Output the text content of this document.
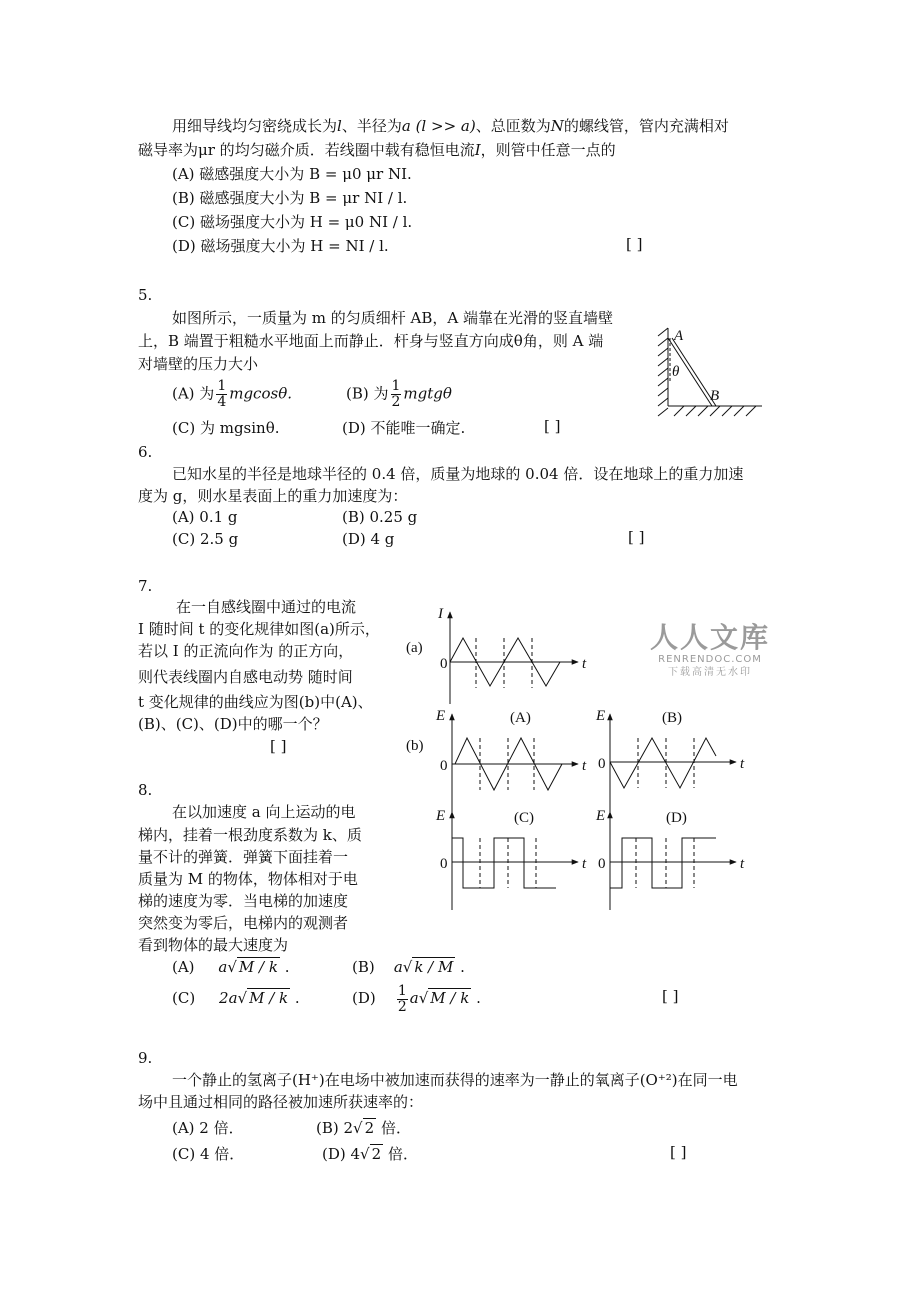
用细导线均匀密绕成长为l、半径为a (l >> a)、总匝数为N的螺线管，管内充满相对
磁导率为μr 的均匀磁介质．若线圈中载有稳恒电流I，则管中任意一点的
(A) 磁感强度大小为 B = μ0 μr NI.
(B) 磁感强度大小为 B = μr NI / l.
(C) 磁场强度大小为 H = μ0 NI / l.
(D) 磁场强度大小为 H = NI / l.	[ ]
5.
如图所示，一质量为 m 的匀质细杆 AB，A 端靠在光滑的竖直墙壁
上，B 端置于粗糙水平地面上而静止．杆身与竖直方向成θ角，则 A 端
对墙壁的压力大小
(A) 为 $\frac{1}{4} mgcos\theta$.	(B) 为 $\frac{1}{2}$ mgtgθ
(C) 为 mgsinθ.	(D) 不能唯一确定.	[ ]
A
θ
B
6.
已知水星的半径是地球半径的 0.4 倍，质量为地球的 0.04 倍．设在地球上的重力加速
度为 g，则水星表面上的重力加速度为：
(A) 0.1 g	(B) 0.25 g
(C) 2.5 g	(D) 4 g	[ ]
7.
在一自感线圈中通过的电流
I 随时间 t 的变化规律如图(a)所示，
若以 I 的正流向作为 的正方向，
则代表线圈内自感电动势 随时间
t 变化规律的曲线应为图(b)中(A)、
(B)、(C)、(D)中的哪一个？
[ ]
(a)
I
0	t
(b)
(A)	(B)
(C)	(D)
E
0	t
E
0	t
E
0	t
E
0	t
人人文库
RENRENDOC.COM
下载高清无水印
8.
在以加速度 a 向上运动的电
梯内，挂着一根劲度系数为 k、质
量不计的弹簧．弹簧下面挂着一
质量为 M 的物体，物体相对于电
梯的速度为零．当电梯的加速度
突然变为零后，电梯内的观测者
看到物体的最大速度为
(A) a√ M / k .	(B) a√ k / M .
(C) 2a√ M / k .	$(D) \frac{1}{2} a√$ M / k .	[ ]
9.
一个静止的氢离子(H⁺)在电场中被加速而获得的速率为一静止的氧离子(O⁺²)在同一电
场中且通过相同的路径被加速所获速率的：
(A) 2 倍．	(B) 2√ 2 倍．
(C) 4 倍．	(D) 4√ 2 倍．	[ ]
